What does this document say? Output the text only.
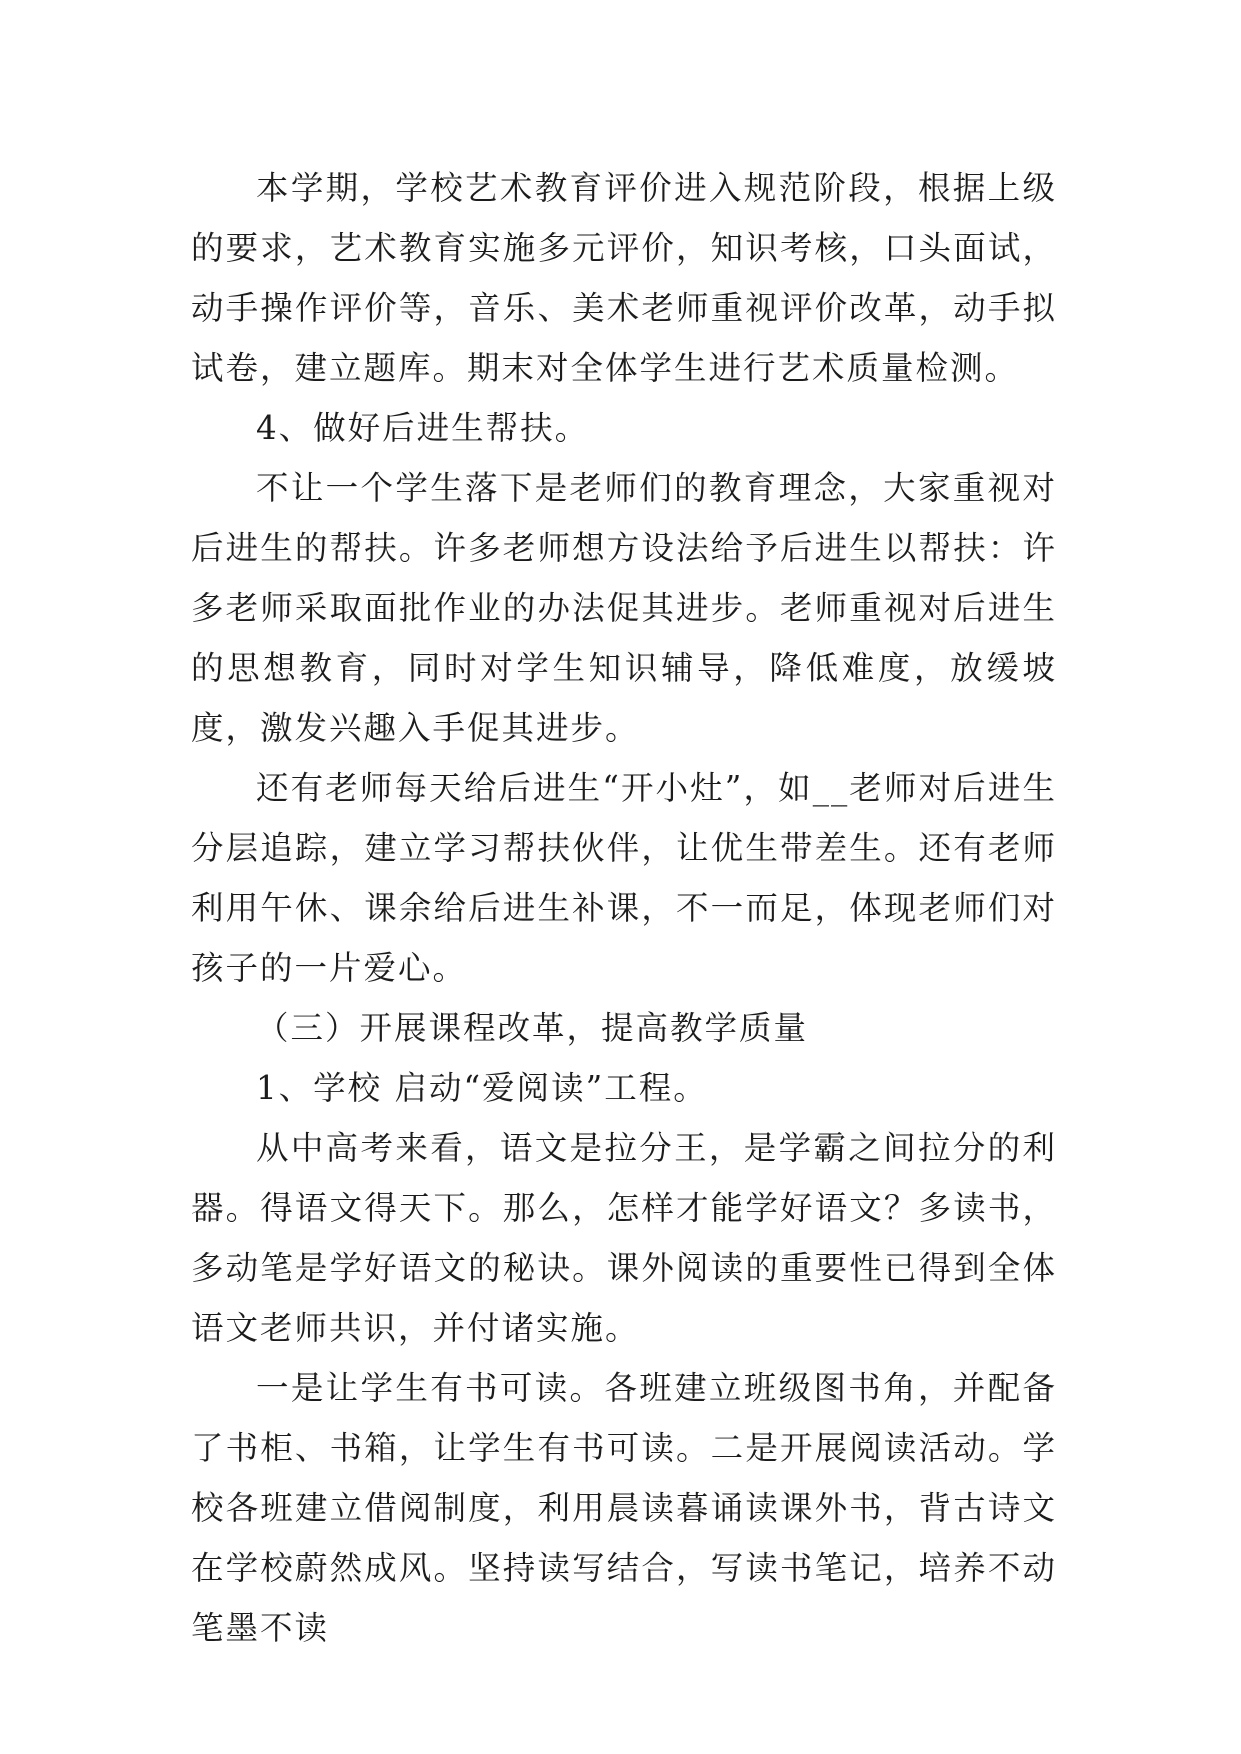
本学期，学校艺术教育评价进入规范阶段，根据上级的要求，艺术教育实施多元评价，知识考核，口头面试，动手操作评价等，音乐、美术老师重视评价改革，动手拟试卷，建立题库。期末对全体学生进行艺术质量检测。

4、做好后进生帮扶。

不让一个学生落下是老师们的教育理念，大家重视对后进生的帮扶。许多老师想方设法给予后进生以帮扶：许多老师采取面批作业的办法促其进步。老师重视对后进生的思想教育，同时对学生知识辅导，降低难度，放缓坡度，激发兴趣入手促其进步。

还有老师每天给后进生“开小灶”，如__老师对后进生分层追踪，建立学习帮扶伙伴，让优生带差生。还有老师利用午休、课余给后进生补课，不一而足，体现老师们对孩子的一片爱心。

（三）开展课程改革，提高教学质量

1、学校 启动“爱阅读”工程。

从中高考来看，语文是拉分王，是学霸之间拉分的利器。得语文得天下。那么，怎样才能学好语文？多读书，多动笔是学好语文的秘诀。课外阅读的重要性已得到全体语文老师共识，并付诸实施。

一是让学生有书可读。各班建立班级图书角，并配备了书柜、书箱，让学生有书可读。二是开展阅读活动。学校各班建立借阅制度，利用晨读暮诵读课外书，背古诗文在学校蔚然成风。坚持读写结合，写读书笔记，培养不动笔墨不读
